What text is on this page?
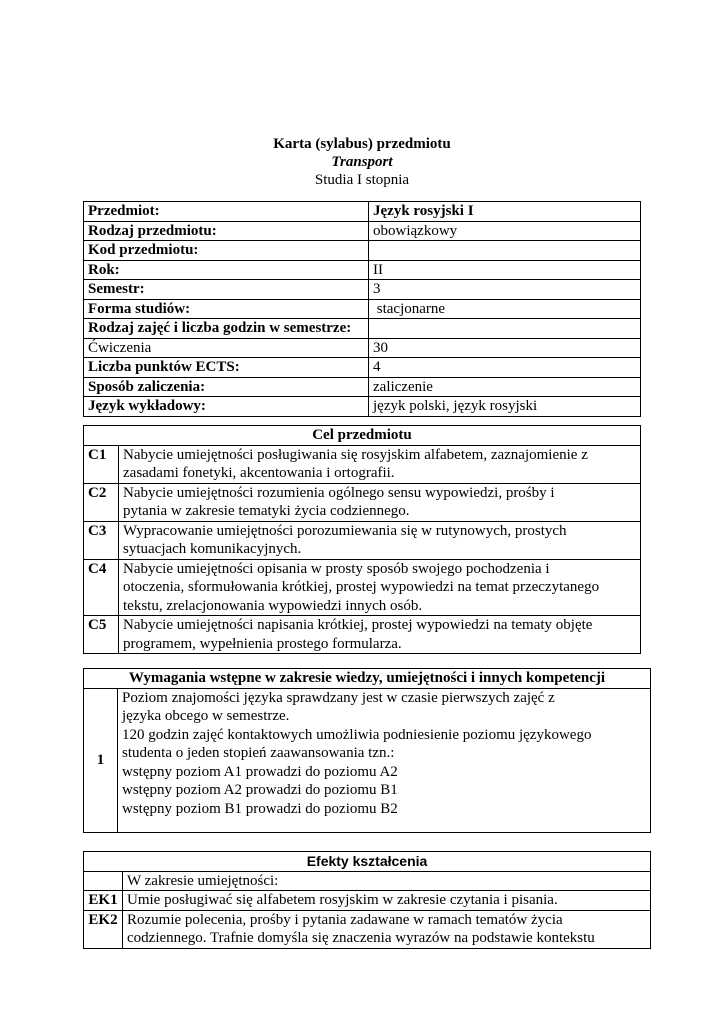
Karta (sylabus) przedmiotu
Transport
Studia I stopnia
Przedmiot:	Język rosyjski I
Rodzaj przedmiotu:	obowiązkowy
Kod przedmiotu:	
Rok:	II
Semestr:	3
Forma studiów:	stacjonarne
Rodzaj zajęć i liczba godzin w semestrze:	
Ćwiczenia	30
Liczba punktów ECTS:	4
Sposób zaliczenia:	zaliczenie
Język wykładowy:	język polski, język rosyjski
Cel przedmiotu	
C1	Nabycie umiejętności posługiwania się rosyjskim alfabetem, zaznajomienie z
zasadami fonetyki, akcentowania i ortografii.

C2	Nabycie umiejętności rozumienia ogólnego sensu wypowiedzi, prośby i
pytania w zakresie tematyki życia codziennego.

C3	Wypracowanie umiejętności porozumiewania się w rutynowych, prostych
sytuacjach komunikacyjnych.

C4	Nabycie umiejętności opisania w prosty sposób swojego pochodzenia i
otoczenia, sformułowania krótkiej, prostej wypowiedzi na temat przeczytanego
tekstu, zrelacjonowania wypowiedzi innych osób.

C5	Nabycie umiejętności napisania krótkiej, prostej wypowiedzi na tematy objęte
programem, wypełnienia prostego formularza.
Wymagania wstępne w zakresie wiedzy, umiejętności i innych kompetencji
1	
Poziom znajomości języka sprawdzany jest w czasie pierwszych zajęć z
języka obcego w semestrze.
120 godzin zajęć kontaktowych umożliwia podniesienie poziomu językowego
studenta o jeden stopień zaawansowania tzn.:
wstępny poziom A1 prowadzi do poziomu A2
wstępny poziom A2 prowadzi do poziomu B1
wstępny poziom B1 prowadzi do poziomu B2
Efekty kształcenia	
	W zakresie umiejętności:
EK1	Umie posługiwać się alfabetem rosyjskim w zakresie czytania i pisania.

EK2	Rozumie polecenia, prośby i pytania zadawane w ramach tematów życia
codziennego. Trafnie domyśla się znaczenia wyrazów na podstawie kontekstu
